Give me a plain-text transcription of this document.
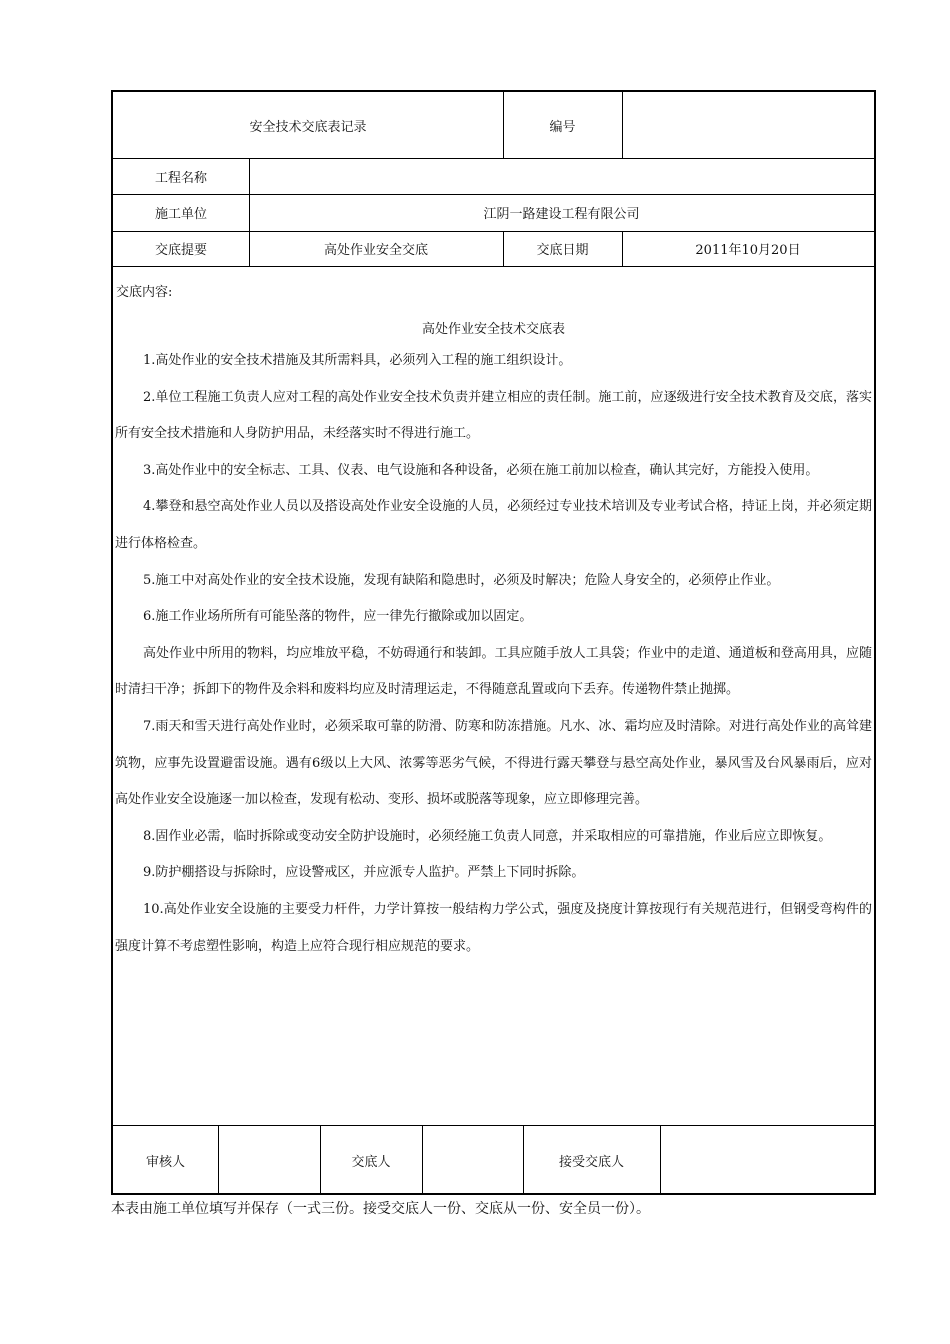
安全技术交底表记录	编号
工程名称
施工单位	江阴一路建设工程有限公司
交底提要	高处作业安全交底	交底日期	2011年10月20日
交底内容:
高处作业安全技术交底表

1.高处作业的安全技术措施及其所需料具，必须列入工程的施工组织设计。

2.单位工程施工负责人应对工程的高处作业安全技术负责并建立相应的责任制。施工前，应逐级进行安全技术教育及交底，落实所有安全技术措施和人身防护用品，未经落实时不得进行施工。

3.高处作业中的安全标志、工具、仪表、电气设施和各种设备，必须在施工前加以检查，确认其完好，方能投入使用。

4.攀登和悬空高处作业人员以及搭设高处作业安全设施的人员，必须经过专业技术培训及专业考试合格，持证上岗，并必须定期进行体格检查。

5.施工中对高处作业的安全技术设施，发现有缺陷和隐患时，必须及时解决；危险人身安全的，必须停止作业。

6.施工作业场所所有可能坠落的物件，应一律先行撤除或加以固定。

高处作业中所用的物料，均应堆放平稳，不妨碍通行和装卸。工具应随手放人工具袋；作业中的走道、通道板和登高用具，应随时清扫干净；拆卸下的物件及余料和废料均应及时清理运走，不得随意乱置或向下丢弃。传递物件禁止抛掷。

7.雨天和雪天进行高处作业时，必须采取可靠的防滑、防寒和防冻措施。凡水、冰、霜均应及时清除。对进行高处作业的高耸建筑物，应事先设置避雷设施。遇有6级以上大风、浓雾等恶劣气候，不得进行露天攀登与悬空高处作业，暴风雪及台风暴雨后，应对高处作业安全设施逐一加以检查，发现有松动、变形、损坏或脱落等现象，应立即修理完善。

8.固作业必需，临时拆除或变动安全防护设施时，必须经施工负责人同意，并采取相应的可靠措施，作业后应立即恢复。

9.防护棚搭设与拆除时，应设警戒区，并应派专人监护。严禁上下同时拆除。

10.高处作业安全设施的主要受力杆件，力学计算按一般结构力学公式，强度及挠度计算按现行有关规范进行，但钢受弯构件的强度计算不考虑塑性影响，构造上应符合现行相应规范的要求。

审核人	交底人	接受交底人
本表由施工单位填写并保存（一式三份。接受交底人一份、交底从一份、安全员一份）。
